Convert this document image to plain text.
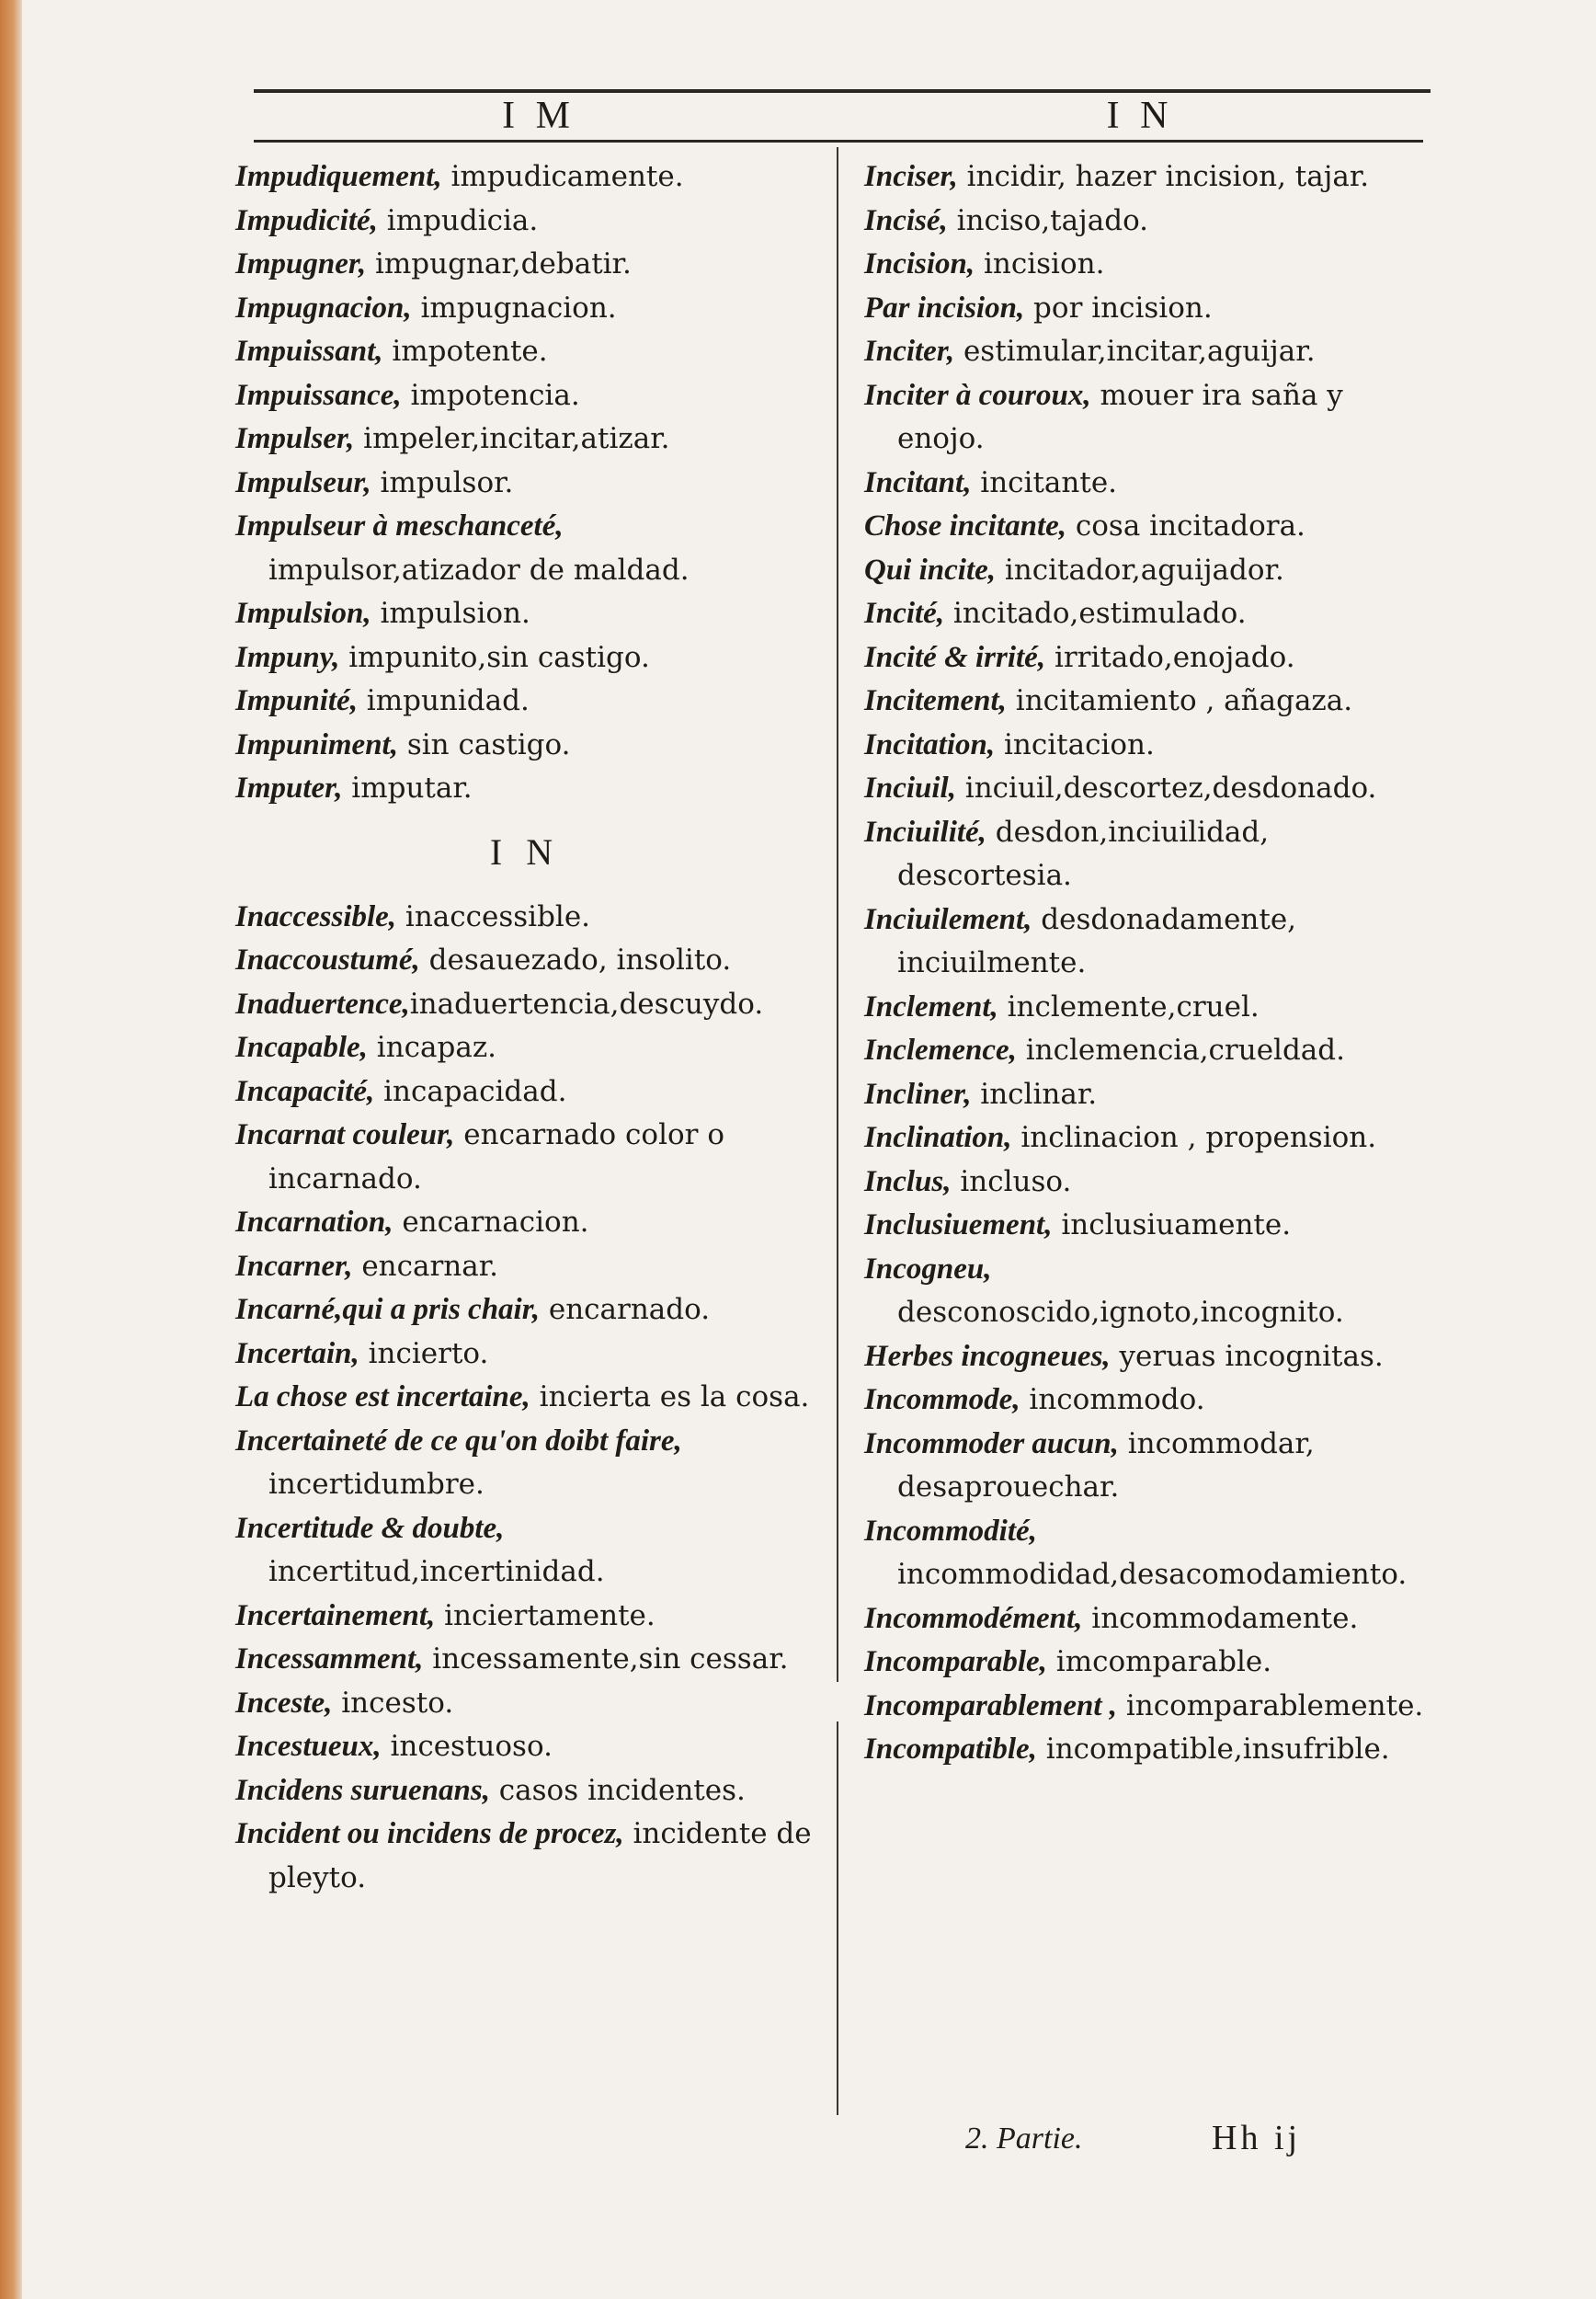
I M	I N

Impudiquement, impudicamente.

Impudicité, impudicia.

Impugner, impugnar,debatir.

Impugnacion, impugnacion.

Impuissant, impotente.

Impuissance, impotencia.

Impulser, impeler,incitar,atizar.

Impulseur, impulsor.

Impulseur à meschanceté, impulsor,atizador de maldad.

Impulsion, impulsion.

Impuny, impunito,sin castigo.

Impunité, impunidad.

Impuniment, sin castigo.

Imputer, imputar.

I N

Inaccessible, inaccessible.

Inaccoustumé, desauezado, insolito.

Inaduertence,inaduertencia,descuydo.

Incapable, incapaz.

Incapacité, incapacidad.

Incarnat couleur, encarnado color o incarnado.

Incarnation, encarnacion.

Incarner, encarnar.

Incarné,qui a pris chair, encarnado.

Incertain, incierto.

La chose est incertaine, incierta es la cosa.

Incertaineté de ce qu'on doibt faire, incertidumbre.

Incertitude & doubte, incertitud,incertinidad.

Incertainement, inciertamente.

Incessamment, incessamente,sin cessar.

Inceste, incesto.

Incestueux, incestuoso.

Incidens suruenans, casos incidentes.

Incident ou incidens de procez, incidente de pleyto.

Inciser, incidir, hazer incision, tajar.

Incisé, inciso,tajado.

Incision, incision.

Par incision, por incision.

Inciter, estimular,incitar,aguijar.

Inciter à couroux, mouer ira saña y enojo.

Incitant, incitante.

Chose incitante, cosa incitadora.

Qui incite, incitador,aguijador.

Incité, incitado,estimulado.

Incité & irrité, irritado,enojado.

Incitement, incitamiento , añagaza.

Incitation, incitacion.

Inciuil, inciuil,descortez,desdonado.

Inciuilité, desdon,inciuilidad, descortesia.

Inciuilement, desdonadamente, inciuilmente.

Inclement, inclemente,cruel.

Inclemence, inclemencia,crueldad.

Incliner, inclinar.

Inclination, inclinacion , propension.

Inclus, incluso.

Inclusiuement, inclusiuamente.

Incogneu, desconoscido,ignoto,incognito.

Herbes incogneues, yeruas incognitas.

Incommode, incommodo.

Incommoder aucun, incommodar, desaprouechar.

Incommodité, incommodidad,desacomodamiento.

Incommodément, incommodamente.

Incomparable, imcomparable.

Incomparablement , incomparablemente.

Incompatible, incompatible,insufrible.

2. Partie.	Hh ij
